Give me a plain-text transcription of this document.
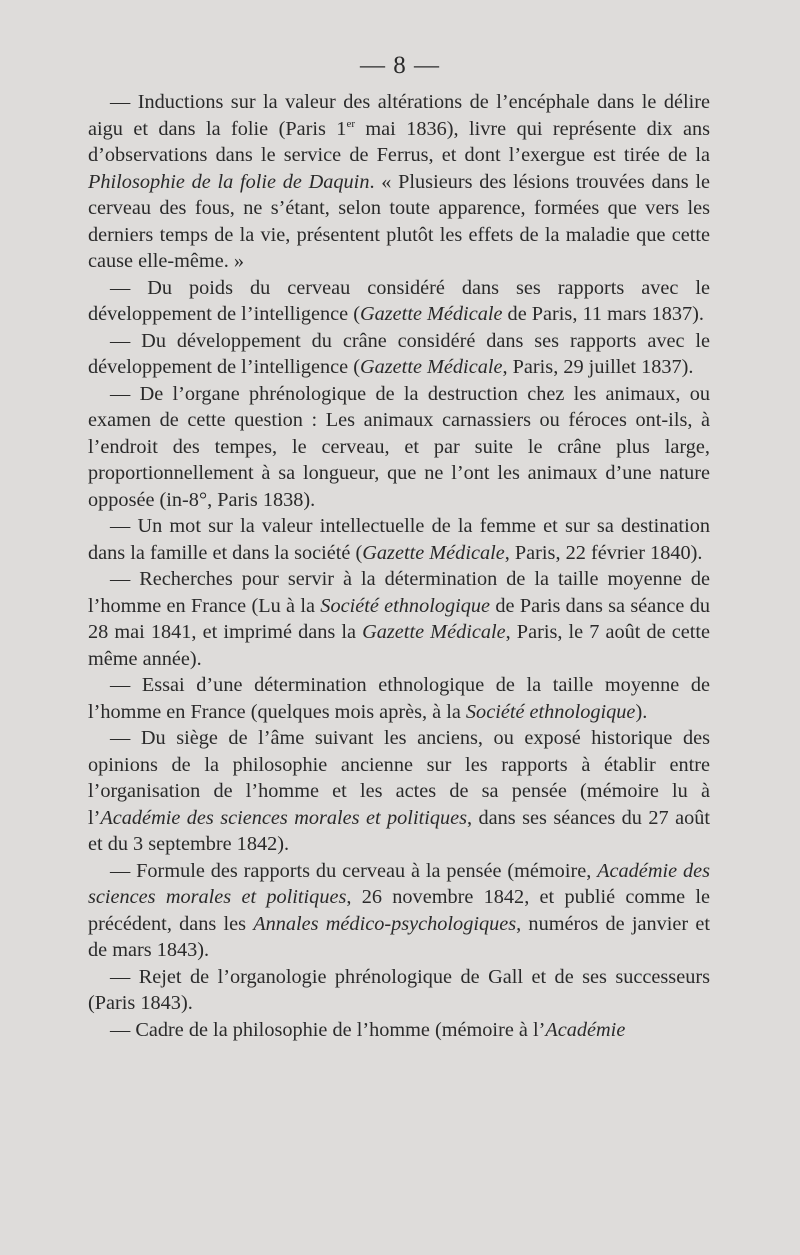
— 8 —

— Inductions sur la valeur des altérations de l’encéphale dans le délire aigu et dans la folie (Paris 1er mai 1836), livre qui représente dix ans d’observations dans le service de Ferrus, et dont l’exergue est tirée de la Philosophie de la folie de Daquin. « Plusieurs des lésions trouvées dans le cerveau des fous, ne s’étant, selon toute apparence, formées que vers les derniers temps de la vie, présentent plutôt les effets de la maladie que cette cause elle-même. »

— Du poids du cerveau considéré dans ses rapports avec le développement de l’intelligence (Gazette Médicale de Paris, 11 mars 1837).

— Du développement du crâne considéré dans ses rapports avec le développement de l’intelligence (Gazette Médicale, Paris, 29 juillet 1837).

— De l’organe phrénologique de la destruction chez les animaux, ou examen de cette question : Les animaux carnassiers ou féroces ont-ils, à l’endroit des tempes, le cerveau, et par suite le crâne plus large, proportionnellement à sa longueur, que ne l’ont les animaux d’une nature opposée (in-8°, Paris 1838).

— Un mot sur la valeur intellectuelle de la femme et sur sa destination dans la famille et dans la société (Gazette Médicale, Paris, 22 février 1840).

— Recherches pour servir à la détermination de la taille moyenne de l’homme en France (Lu à la Société ethnologique de Paris dans sa séance du 28 mai 1841, et imprimé dans la Gazette Médicale, Paris, le 7 août de cette même année).

— Essai d’une détermination ethnologique de la taille moyenne de l’homme en France (quelques mois après, à la Société ethnologique).

— Du siège de l’âme suivant les anciens, ou exposé historique des opinions de la philosophie ancienne sur les rapports à établir entre l’organisation de l’homme et les actes de sa pensée (mémoire lu à l’Académie des sciences morales et politiques, dans ses séances du 27 août et du 3 septembre 1842).

— Formule des rapports du cerveau à la pensée (mémoire, Académie des sciences morales et politiques, 26 novembre 1842, et publié comme le précédent, dans les Annales médico-psychologiques, numéros de janvier et de mars 1843).

— Rejet de l’organologie phrénologique de Gall et de ses successeurs (Paris 1843).

— Cadre de la philosophie de l’homme (mémoire à l’Académie
